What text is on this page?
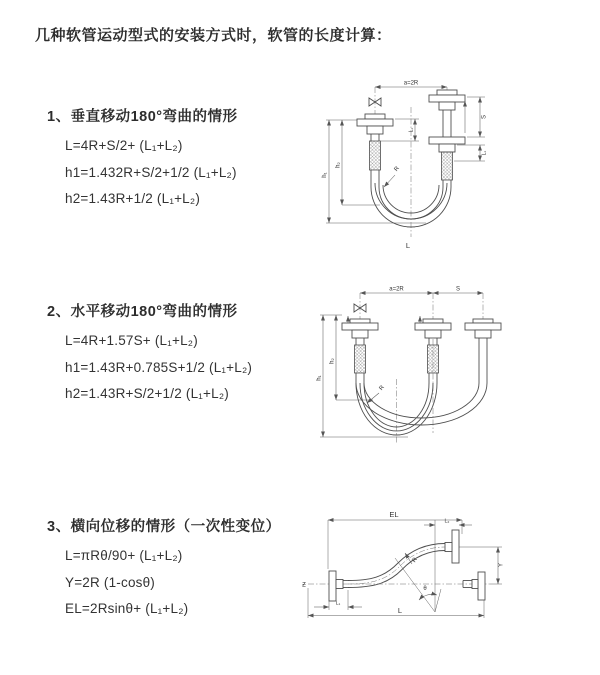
几种软管运动型式的安装方式时，软管的长度计算：
1、垂直移动180°弯曲的情形
L=4R+S/2+ (L₁+L₂)
h1=1.432R+S/2+1/2 (L₁+L₂)
h2=1.43R+1/2 (L₁+L₂)
2、水平移动180°弯曲的情形
L=4R+1.57S+ (L₁+L₂)
h1=1.43R+0.785S+1/2 (L₁+L₂)
h2=1.43R+S/2+1/2 (L₁+L₂)
3、横向位移的情形（一次性变位）
L=πRθ/90+ (L₁+L₂)
Y=2R (1-cosθ)
EL=2Rsinθ+ (L₁+L₂)
a=2R
h₁
h₂
L₁
S
L₁
R
L
a=2R	S
h₁
h₂
R
Ƶ
θ
EL
L₂
Y
L₁
L
R
